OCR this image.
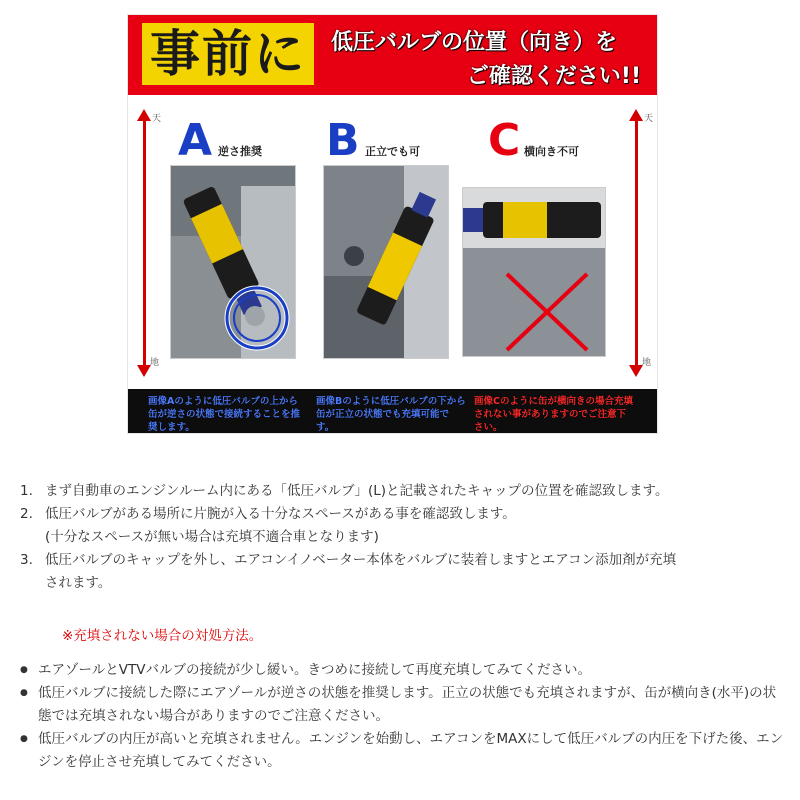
事前に	低圧バルブの位置（向き）を
ご確認ください!!
天
地
天
地
A 逆さ推奨 B 正立でも可 C 横向き不可
画像Aのように低圧バルブの上から缶が逆さの状態で接続することを推奨します。
画像Bのように低圧バルブの下から缶が正立の状態でも充填可能です。
画像Cのように缶が横向きの場合充填されない事がありますのでご注意下さい。
1. まず自動車のエンジンルーム内にある「低圧バルブ」(L)と記載されたキャップの位置を確認致します。
2. 低圧バルブがある場所に片腕が入る十分なスペースがある事を確認致します。
(十分なスペースが無い場合は充填不適合車となります)
3. 低圧バルブのキャップを外し、エアコンイノベーター本体をバルブに装着しますとエアコン添加剤が充填
されます。
※充填されない場合の対処方法。
● エアゾールとVTVバルブの接続が少し緩い。きつめに接続して再度充填してみてください。
● 低圧バルブに接続した際にエアゾールが逆さの状態を推奨します。正立の状態でも充填されますが、缶が横向き(水平)の状態では充填されない場合がありますのでご注意ください。
● 低圧バルブの内圧が高いと充填されません。エンジンを始動し、エアコンをMAXにして低圧バルブの内圧を下げた後、エンジンを停止させ充填してみてください。
